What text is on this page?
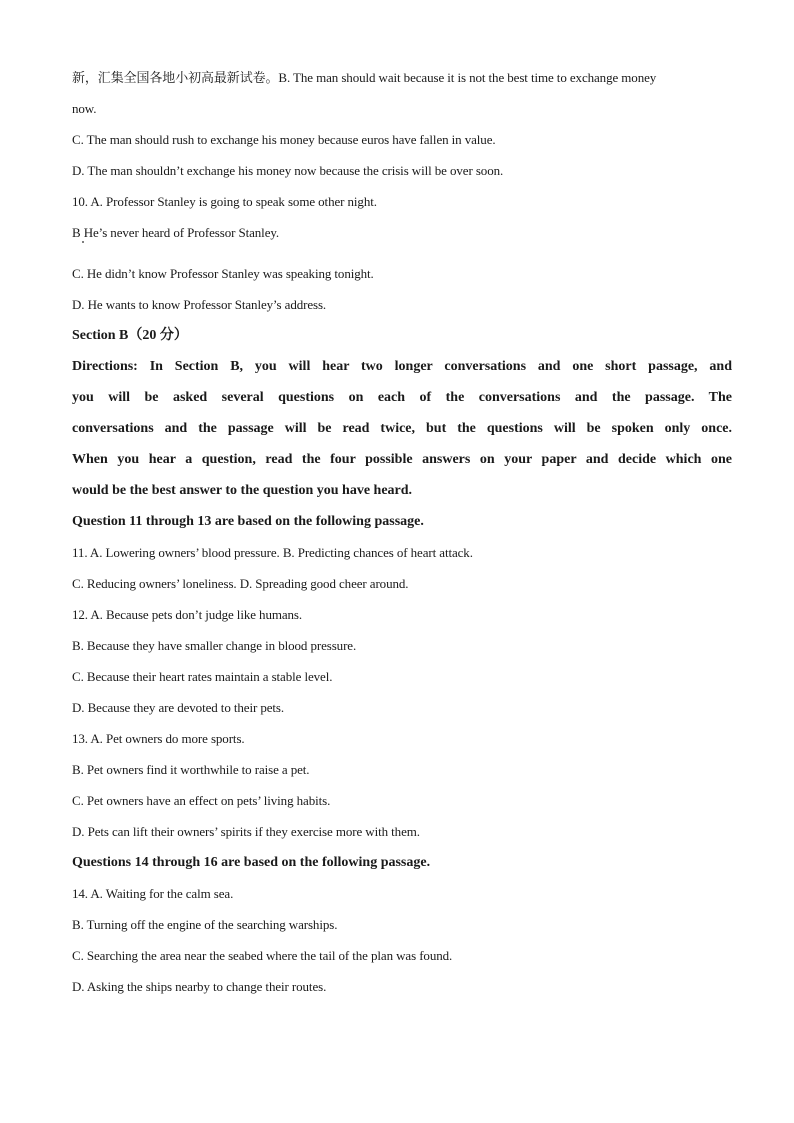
新，汇集全国各地小初高最新试卷。B. The man should wait because it is not the best time to exchange money
now.
C. The man should rush to exchange his money because euros have fallen in value.
D. The man shouldn’t exchange his money now because the crisis will be over soon.
10. A. Professor Stanley is going to speak some other night.
B He’s never heard of Professor Stanley.
C. He didn’t know Professor Stanley was speaking tonight.
D. He wants to know Professor Stanley’s address.
Section B（20 分）
Directions: In Section B, you will hear two longer conversations and one short passage, and
you will be asked several questions on each of the conversations and the passage. The
conversations and the passage will be read twice, but the questions will be spoken only once.
When you hear a question, read the four possible answers on your paper and decide which one
would be the best answer to the question you have heard.
Question 11 through 13 are based on the following passage.
11. A. Lowering owners’ blood pressure. B. Predicting chances of heart attack.
C. Reducing owners’ loneliness. D. Spreading good cheer around.
12. A. Because pets don’t judge like humans.
B. Because they have smaller change in blood pressure.
C. Because their heart rates maintain a stable level.
D. Because they are devoted to their pets.
13. A. Pet owners do more sports.
B. Pet owners find it worthwhile to raise a pet.
C. Pet owners have an effect on pets’ living habits.
D. Pets can lift their owners’ spirits if they exercise more with them.
Questions 14 through 16 are based on the following passage.
14. A. Waiting for the calm sea.
B. Turning off the engine of the searching warships.
C. Searching the area near the seabed where the tail of the plan was found.
D. Asking the ships nearby to change their routes.
